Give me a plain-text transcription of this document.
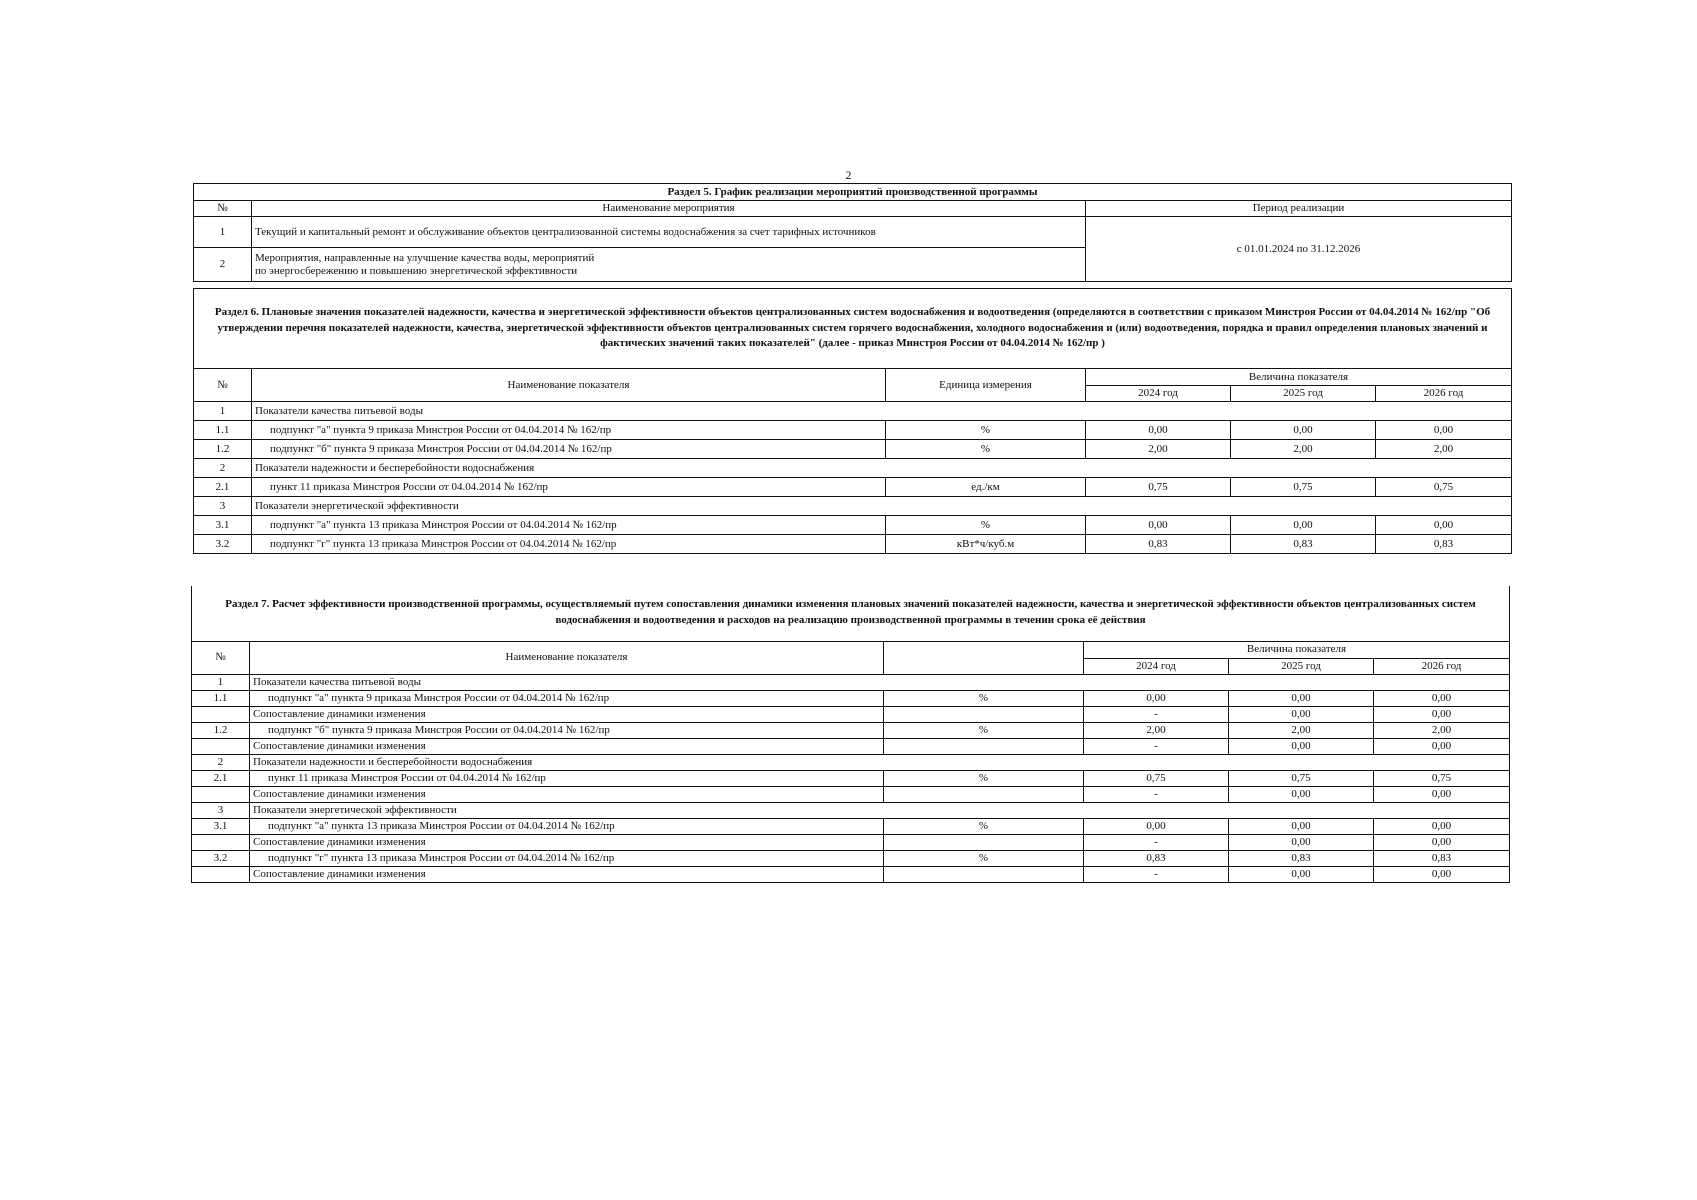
2
Раздел 5. График реализации мероприятий производственной программы		
№	Наименование мероприятия	Период реализации
1	Текущий и капитальный ремонт и обслуживание объектов централизованной системы водоснабжения за счет тарифных источников	с 01.01.2024 по 31.12.2026
2	Мероприятия, направленные на улучшение качества воды, мероприятий
по энергосбережению и повышению энергетической эффективности	
Раздел 6. Плановые значения показателей надежности, качества и энергетической эффективности объектов централизованных систем водоснабжения и водоотведения (определяются в соответствии с приказом Минстроя России от 04.04.2014 № 162/пр "Об утверждении перечня показателей надежности, качества, энергетической эффективности объектов централизованных систем горячего водоснабжения, холодного водоснабжения и (или) водоотведения, порядка и правил определения плановых значений и фактических значений таких показателей" (далее - приказ Минстроя России от 04.04.2014 № 162/пр )					
№	Наименование показателя	Единица измерения	Величина показателя		
			2024 год	2025 год	2026 год
1	Показатели качества питьевой воды				
1.1	подпункт "а" пункта 9 приказа Минстроя России от 04.04.2014 № 162/пр	%	0,00	0,00	0,00
1.2	подпункт "б" пункта 9 приказа Минстроя России от 04.04.2014 № 162/пр	%	2,00	2,00	2,00
2	Показатели надежности и бесперебойности водоснабжения				
2.1	пункт 11 приказа Минстроя России от 04.04.2014 № 162/пр	ед./км	0,75	0,75	0,75
3	Показатели энергетической эффективности				
3.1	подпункт "а" пункта 13 приказа Минстроя России от 04.04.2014 № 162/пр	%	0,00	0,00	0,00
3.2	подпункт "г" пункта 13 приказа Минстроя России от 04.04.2014 № 162/пр	кВт*ч/куб.м	0,83	0,83	0,83
Раздел 7. Расчет эффективности производственной программы, осуществляемый путем сопоставления динамики изменения плановых значений показателей надежности, качества и энергетической эффективности объектов централизованных систем водоснабжения и водоотведения и расходов на реализацию производственной программы в течении срока её действия					
№	Наименование показателя		Величина показателя		
			2024 год	2025 год	2026 год
1	Показатели качества питьевой воды				
1.1	подпункт "а" пункта 9 приказа Минстроя России от 04.04.2014 № 162/пр	%	0,00	0,00	0,00
	Сопоставление динамики изменения		-	0,00	0,00
1.2	подпункт "б" пункта 9 приказа Минстроя России от 04.04.2014 № 162/пр	%	2,00	2,00	2,00
	Сопоставление динамики изменения		-	0,00	0,00
2	Показатели надежности и бесперебойности водоснабжения				
2.1	пункт 11 приказа Минстроя России от 04.04.2014 № 162/пр	%	0,75	0,75	0,75
	Сопоставление динамики изменения		-	0,00	0,00
3	Показатели энергетической эффективности				
3.1	подпункт "а" пункта 13 приказа Минстроя России от 04.04.2014 № 162/пр	%	0,00	0,00	0,00
	Сопоставление динамики изменения		-	0,00	0,00
3.2	подпункт "г" пункта 13 приказа Минстроя России от 04.04.2014 № 162/пр	%	0,83	0,83	0,83
	Сопоставление динамики изменения		-	0,00	0,00
